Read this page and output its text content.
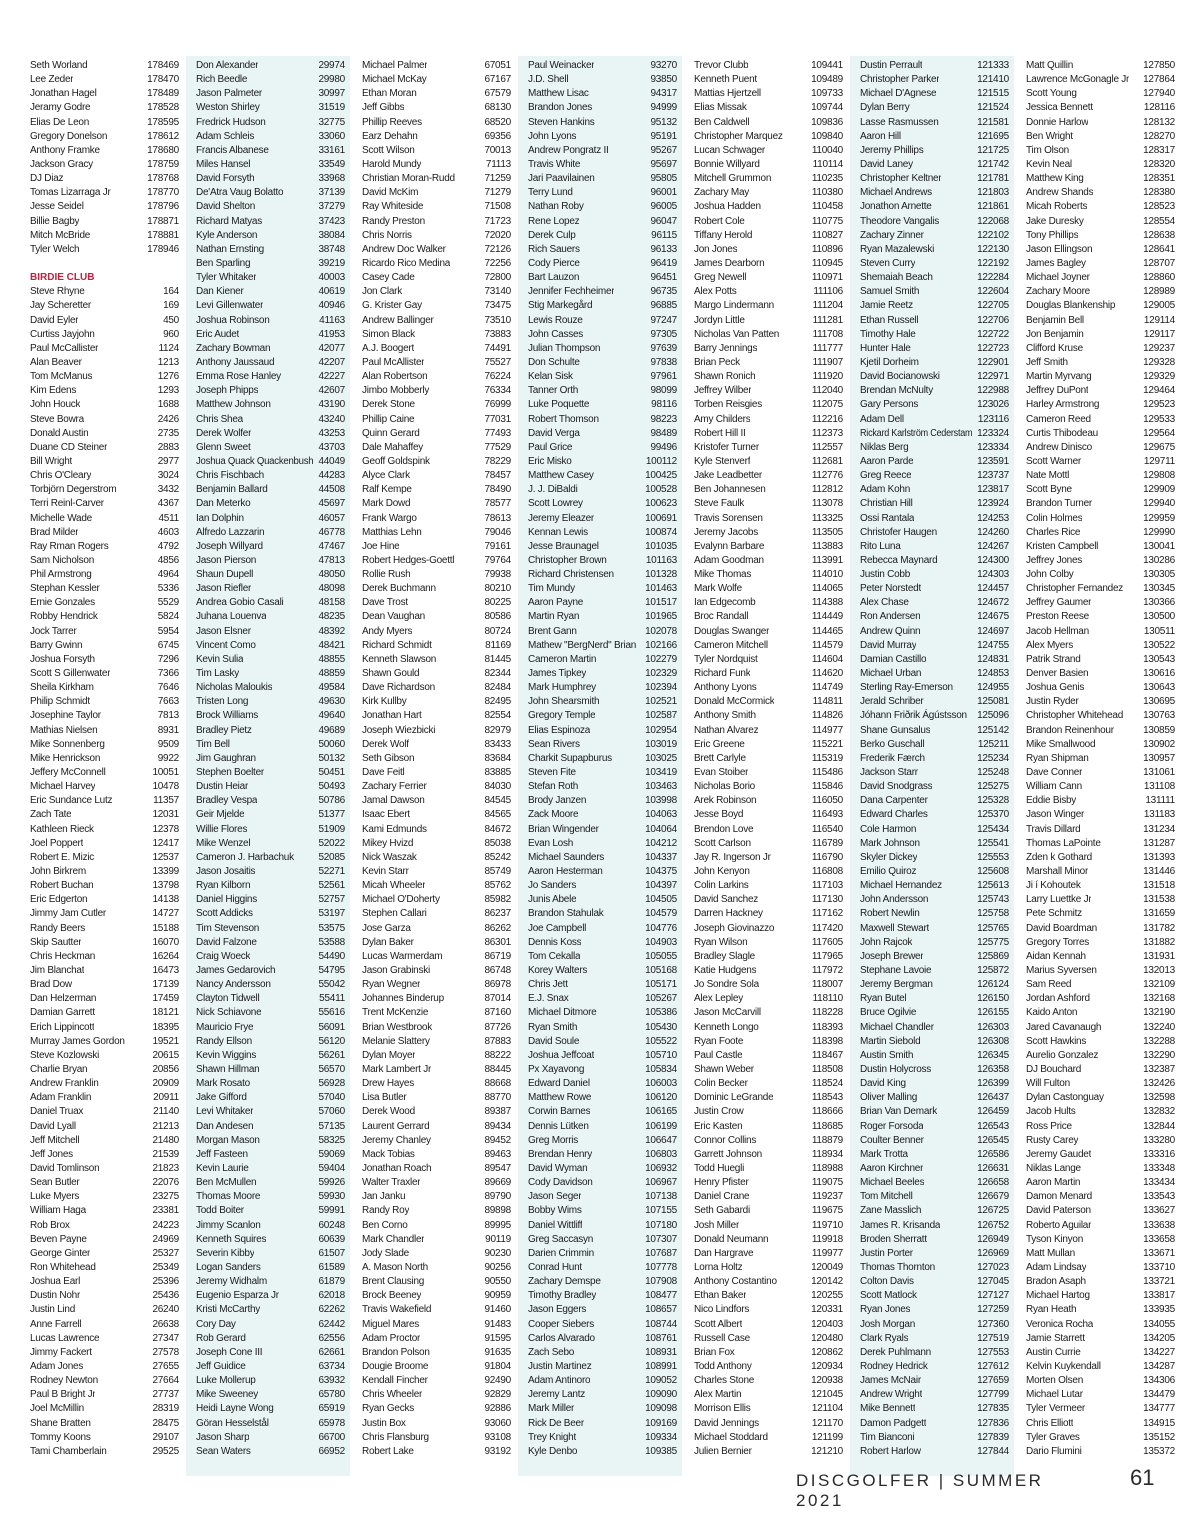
Seth Worland	178469
Lee Zeder	178470
Jonathan Hagel	178489
Jeramy Godre	178528
Elias De Leon	178595
Gregory Donelson	178612
Anthony Framke	178680
Jackson Gracy	178759
DJ Diaz	178768
Tomas Lizarraga Jr	178770
Jesse Seidel	178796
Billie Bagby	178871
Mitch McBride	178881
Tyler Welch	178946
BIRDIE CLUB
Steve Rhyne	164
Jay Scheretter	169
David Eyler	450
Curtiss Jayjohn	960
Paul McCallister	1124
Alan Beaver	1213
Tom McManus	1276
Kim Edens	1293
John Houck	1688
Steve Bowra	2426
Donald Austin	2735
Duane CD Steiner	2883
Bill Wright	2977
Chris O'Cleary	3024
Torbjörn Degerstrom	3432
Terri Reinl-Carver	4367
Michelle Wade	4511
Brad Milder	4603
Ray Rman Rogers	4792
Sam Nicholson	4856
Phil Armstrong	4964
Stephan Kessler	5336
Ernie Gonzales	5529
Robby Hendrick	5824
Jock Tarrer	5954
Barry Gwinn	6745
Joshua Forsyth	7296
Scott S Gillenwater	7366
Sheila Kirkham	7646
Philip Schmidt	7663
Josephine Taylor	7813
Mathias Nielsen	8931
Mike Sonnenberg	9509
Mike Henrickson	9922
Jeffery McConnell	10051
Michael Harvey	10478
Eric Sundance Lutz	11357
Zach Tate	12031
Kathleen Rieck	12378
Joel Poppert	12417
Robert E. Mizic	12537
John Birkrem	13399
Robert Buchan	13798
Eric Edgerton	14138
Jimmy Jam Cutler	14727
Randy Beers	15188
Skip Sautter	16070
Chris Heckman	16264
Jim Blanchat	16473
Brad Dow	17139
Dan Helzerman	17459
Damian Garrett	18121
Erich Lippincott	18395
Murray James Gordon	19521
Steve Kozlowski	20615
Charlie Bryan	20856
Andrew Franklin	20909
Adam Franklin	20911
Daniel Truax	21140
David Lyall	21213
Jeff Mitchell	21480
Jeff Jones	21539
David Tomlinson	21823
Sean Butler	22076
Luke Myers	23275
William Haga	23381
Rob Brox	24223
Beven Payne	24969
George Ginter	25327
Ron Whitehead	25349
Joshua Earl	25396
Dustin Nohr	25436
Justin Lind	26240
Anne Farrell	26638
Lucas Lawrence	27347
Jimmy Fackert	27578
Adam Jones	27655
Rodney Newton	27664
Paul B Bright Jr	27737
Joel McMillin	28319
Shane Bratten	28475
Tommy Koons	29107
Tami Chamberlain	29525
Don Alexander	29974
Rich Beedle	29980
Jason Palmeter	30997
Weston Shirley	31519
Fredrick Hudson	32775
Adam Schleis	33060
Francis Albanese	33161
Miles Hansel	33549
David Forsyth	33968
De'Atra Vaug Bolatto	37139
David Shelton	37279
Richard Matyas	37423
Kyle Anderson	38084
Nathan Ernsting	38748
Ben Sparling	39219
Tyler Whitaker	40003
Dan Kiener	40619
Levi Gillenwater	40946
Joshua Robinson	41163
Eric Audet	41953
Zachary Bowman	42077
Anthony Jaussaud	42207
Emma Rose Hanley	42227
Joseph Phipps	42607
Matthew Johnson	43190
Chris Shea	43240
Derek Wolfer	43253
Glenn Sweet	43703
Joshua Quack Quackenbush 44049
Chris Fischbach	44283
Benjamin Ballard	44508
Dan Meterko	45697
Ian Dolphin	46057
Alfredo Lazzarin	46778
Joseph Willyard	47467
Jason Pierson	47813
Shaun Dupell	48050
Jason Riefler	48098
Andrea Gobio Casali	48158
Juhana Louenva	48235
Jason Elsner	48392
Vincent Como	48421
Kevin Sulia	48855
Tim Lasky	48859
Nicholas Maloukis	49584
Tristen Long	49630
Brock Williams	49640
Bradley Pietz	49689
Tim Bell	50060
Jim Gaughran	50132
Stephen Boelter	50451
Dustin Heiar	50493
Bradley Vespa	50786
Geir Mjelde	51377
Willie Flores	51909
Mike Wenzel	52022
Cameron J. Harbachuk 52085
Jason Josaitis	52271
Ryan Kilborn	52561
Daniel Higgins	52757
Scott Addicks	53197
Tim Stevenson	53575
David Falzone	53588
Craig Woeck	54490
James Gedarovich	54795
Nancy Andersson	55042
Clayton Tidwell	55411
Nick Schiavone	55616
Mauricio Frye	56091
Randy Ellson	56120
Kevin Wiggins	56261
Shawn Hillman	56570
Mark Rosato	56928
Jake Gifford	57040
Levi Whitaker	57060
Dan Andesen	57135
Morgan Mason	58325
Jeff Fasteen	59069
Kevin Laurie	59404
Ben McMullen	59926
Thomas Moore	59930
Todd Boiter	59991
Jimmy Scanlon	60248
Kenneth Squires	60639
Severin Kibby	61507
Logan Sanders	61589
Jeremy Widhalm	61879
Eugenio Esparza Jr	62018
Kristi McCarthy	62262
Cory Day	62442
Rob Gerard	62556
Joseph Cone III	62661
Jeff Guidice	63734
Luke Mollerup	63932
Mike Sweeney	65780
Heidi Layne Wong	65919
Göran Hesselstål	65978
Jason Sharp	66700
Sean Waters	66952
Michael Palmer	67051
Michael McKay	67167
Ethan Moran	67579
Jeff Gibbs	68130
Phillip Reeves	68520
Earz Dehahn	69356
Scott Wilson	70013
Harold Mundy	71113
Christian Moran-Rudd	71259
David McKim	71279
Ray Whiteside	71508
Randy Preston	71723
Chris Norris	72020
Andrew Doc Walker	72126
Ricardo Rico Medina	72256
Casey Cade	72800
Jon Clark	73140
G. Krister Gay	73475
Andrew Ballinger	73510
Simon Black	73883
A.J. Boogert	74491
Paul McAllister	75527
Alan Robertson	76224
Jimbo Mobberly	76334
Derek Stone	76999
Phillip Caine	77031
Quinn Gerard	77493
Dale Mahaffey	77529
Geoff Goldspink	78229
Alyce Clark	78457
Ralf Kempe	78490
Mark Dowd	78577
Frank Wargo	78613
Matthias Lehn	79046
Joe Hine	79161
Robert Hedges-Goettl	79764
Rollie Rush	79938
Derek Buchmann	80210
Dave Trost	80225
Dean Vaughan	80586
Andy Myers	80724
Richard Schmidt	81169
Kenneth Slawson	81445
Shawn Gould	82344
Dave Richardson	82484
Kirk Kullby	82495
Jonathan Hart	82554
Joseph Wiezbicki	82979
Derek Wolf	83433
Seth Gibson	83684
Dave Feitl	83885
Zachary Ferrier	84030
Jamal Dawson	84545
Isaac Ebert	84565
Kami Edmunds	84672
Mikey Hvizd	85038
Nick Waszak	85242
Kevin Starr	85749
Micah Wheeler	85762
Michael O'Doherty	85982
Stephen Callari	86237
Jose Garza	86262
Dylan Baker	86301
Lucas Warmerdam	86719
Jason Grabinski	86748
Ryan Wegner	86978
Johannes Binderup	87014
Trent McKenzie	87160
Brian Westbrook	87726
Melanie Slattery	87883
Dylan Moyer	88222
Mark Lambert Jr	88445
Drew Hayes	88668
Lisa Butler	88770
Derek Wood	89387
Laurent Gerrard	89434
Jeremy Chanley	89452
Mack Tobias	89463
Jonathan Roach	89547
Walter Traxler	89669
Jan Janku	89790
Randy Roy	89898
Ben Corno	89995
Mark Chandler	90119
Jody Slade	90230
A. Mason North	90256
Brent Clausing	90550
Brock Beeney	90959
Travis Wakefield	91460
Miguel Mares	91483
Adam Proctor	91595
Brandon Polson	91635
Dougie Broome	91804
Kendall Fincher	92490
Chris Wheeler	92829
Ryan Gecks	92886
Justin Box	93060
Chris Flansburg	93108
Robert Lake	93192
Paul Weinacker	93270
J.D. Shell	93850
Matthew Lisac	94317
Brandon Jones	94999
Steven Hankins	95132
John Lyons	95191
Andrew Pongratz II	95267
Travis White	95697
Jari Paavilainen	95805
Terry Lund	96001
Nathan Roby	96005
Rene Lopez	96047
Derek Culp	96115
Rich Sauers	96133
Cody Pierce	96419
Bart Lauzon	96451
Jennifer Fechheimer	96735
Stig Markegård	96885
Lewis Rouze	97247
John Casses	97305
Julian Thompson	97639
Don Schulte	97838
Kelan Sisk	97961
Tanner Orth	98099
Luke Poquette	98116
Robert Thomson	98223
David Verga	98489
Paul Grice	99496
Eric Misko	100112
Matthew Casey	100425
J. J. DiBaldi	100528
Scott Lowrey	100623
Jeremy Eleazer	100691
Kennan Lewis	100874
Jesse Braunagel	101035
Christopher Brown	101163
Richard Christensen	101328
Tim Mundy	101463
Aaron Payne	101517
Martin Ryan	101965
Brent Gann	102078
Mathew "BergNerd" Brian 102166
Cameron Martin	102279
James Tipkey	102329
Mark Humphrey	102394
John Shearsmith	102521
Gregory Temple	102587
Elias Espinoza	102954
Sean Rivers	103019
Charkit Supapburus	103025
Steven Fite	103419
Stefan Roth	103463
Brody Janzen	103998
Zack Moore	104063
Brian Wingender	104064
Evan Losh	104212
Michael Saunders	104337
Aaron Hesterman	104375
Jo Sanders	104397
Junis Abele	104505
Brandon Stahulak	104579
Joe Campbell	104776
Dennis Koss	104903
Tom Cekalla	105055
Korey Walters	105168
Chris Jett	105171
E.J. Snax	105267
Michael Ditmore	105386
Ryan Smith	105430
David Soule	105522
Joshua Jeffcoat	105710
Px Xayavong	105834
Edward Daniel	106003
Matthew Rowe	106120
Corwin Barnes	106165
Dennis Lütken	106199
Greg Morris	106647
Brendan Henry	106803
David Wyman	106932
Cody Davidson	106967
Jason Seger	107138
Bobby Wims	107155
Daniel Wittliff	107180
Greg Saccasyn	107307
Darien Crimmin	107687
Conrad Hunt	107778
Zachary Demspe	107908
Timothy Bradley	108477
Jason Eggers	108657
Cooper Siebers	108744
Carlos Alvarado	108761
Zach Sebo	108931
Justin Martinez	108991
Adam Antinoro	109052
Jeremy Lantz	109090
Mark Miller	109098
Rick De Beer	109169
Trey Knight	109334
Kyle Denbo	109385
Trevor Clubb	109441
Kenneth Puent	109489
Mattias Hjertzell	109733
Elias Missak	109744
Ben Caldwell	109836
Christopher Marquez	109840
Lucan Schwager	110040
Bonnie Willyard	110114
Mitchell Grummon	110235
Zachary May	110380
Joshua Hadden	110458
Robert Cole	110775
Tiffany Herold	110827
Jon Jones	110896
James Dearborn	110945
Greg Newell	110971
Alex Potts	111106
Margo Lindermann	111204
Jordyn Little	111281
Nicholas Van Patten	111708
Barry Jennings	111777
Brian Peck	111907
Shawn Ronich	111920
Jeffrey Wilber	112040
Torben Reisgies	112075
Amy Childers	112216
Robert Hill II	112373
Kristofer Turner	112557
Kyle Stenverf	112681
Jake Leadbetter	112776
Ben Johannesen	112812
Steve Faulk	113078
Travis Sorensen	113325
Jeremy Jacobs	113505
Evalynn Barbare	113883
Adam Goodman	113991
Mike Thomas	114010
Mark Wolfe	114065
Ian Edgecomb	114388
Broc Randall	114449
Douglas Swanger	114465
Cameron Mitchell	114579
Tyler Nordquist	114604
Richard Funk	114620
Anthony Lyons	114749
Donald McCormick	114811
Anthony Smith	114826
Nathan Alvarez	114977
Eric Greene	115221
Brett Carlyle	115319
Evan Stoiber	115486
Nicholas Borio	115846
Arek Robinson	116050
Jesse Boyd	116493
Brendon Love	116540
Scott Carlson	116789
Jay R. Ingerson Jr	116790
John Kenyon	116808
Colin Larkins	117103
David Sanchez	117130
Darren Hackney	117162
Joseph Giovinazzo	117420
Ryan Wilson	117605
Bradley Slagle	117965
Katie Hudgens	117972
Jo Sondre Sola	118007
Alex Lepley	118110
Jason McCarvill	118228
Kenneth Longo	118393
Ryan Foote	118398
Paul Castle	118467
Shawn Weber	118508
Colin Becker	118524
Dominic LeGrande	118543
Justin Crow	118666
Eric Kasten	118685
Connor Collins	118879
Garrett Johnson	118934
Todd Huegli	118988
Henry Pfister	119075
Daniel Crane	119237
Seth Gabardi	119675
Josh Miller	119710
Donald Neumann	119918
Dan Hargrave	119977
Lorna Holtz	120049
Anthony Costantino	120142
Ethan Baker	120255
Nico Lindfors	120331
Scott Albert	120403
Russell Case	120480
Brian Fox	120862
Todd Anthony	120934
Charles Stone	120938
Alex Martin	121045
Morrison Ellis	121104
David Jennings	121170
Michael Stoddard	121199
Julien Bernier	121210
Dustin Perrault	121333
Christopher Parker	121410
Michael D'Agnese	121515
Dylan Berry	121524
Lasse Rasmussen	121581
Aaron Hill	121695
Jeremy Phillips	121725
David Laney	121742
Christopher Keltner	121781
Michael Andrews	121803
Jonathon Arnette	121861
Theodore Vangalis	122068
Zachary Zinner	122102
Ryan Mazalewski	122130
Steven Curry	122192
Shemaiah Beach	122284
Samuel Smith	122604
Jamie Reetz	122705
Ethan Russell	122706
Timothy Hale	122722
Hunter Hale	122723
Kjetil Dorheim	122901
David Bocianowski	122971
Brendan McNulty	122988
Gary Persons	123026
Adam Dell	123116
Rickard Karlström Cederstam 123324
Niklas Berg	123334
Aaron Parde	123591
Greg Reece	123737
Adam Kohn	123817
Christian Hill	123924
Ossi Rantala	124253
Christofer Haugen	124260
Rito Luna	124267
Rebecca Maynard	124300
Justin Cobb	124303
Peter Norstedt	124457
Alex Chase	124672
Ron Andersen	124675
Andrew Quinn	124697
David Murray	124755
Damian Castillo	124831
Michael Urban	124853
Sterling Ray-Emerson 124955
Jerald Schriber	125081
Jóhann Friðrik Ágústsson 125096
Shane Gunsalus	125142
Berko Guschall	125211
Frederik Færch	125234
Jackson Starr	125248
David Snodgrass	125275
Dana Carpenter	125328
Edward Charles	125370
Cole Harmon	125434
Mark Johnson	125541
Skyler Dickey	125553
Emilio Quiroz	125608
Michael Hernandez	125613
John Andersson	125743
Robert Newlin	125758
Maxwell Stewart	125765
John Rajcok	125775
Joseph Brewer	125869
Stephane Lavoie	125872
Jeremy Bergman	126124
Ryan Butel	126150
Bruce Ogilvie	126155
Michael Chandler	126303
Martin Siebold	126308
Austin Smith	126345
Dustin Holycross	126358
David King	126399
Oliver Malling	126437
Brian Van Demark	126459
Roger Forsoda	126543
Coulter Benner	126545
Mark Trotta	126586
Aaron Kirchner	126631
Michael Beeles	126658
Tom Mitchell	126679
Zane Masslich	126725
James R. Krisanda	126752
Broden Sherratt	126949
Justin Porter	126969
Thomas Thornton	127023
Colton Davis	127045
Scott Matlock	127127
Ryan Jones	127259
Josh Morgan	127360
Clark Ryals	127519
Derek Puhlmann	127553
Rodney Hedrick	127612
James McNair	127659
Andrew Wright	127799
Mike Bennett	127835
Damon Padgett	127836
Tim Bianconi	127839
Robert Harlow	127844
Matt Quillin	127850
Lawrence McGonagle Jr 127864
Scott Young	127940
Jessica Bennett	128116
Donnie Harlow	128132
Ben Wright	128270
Tim Olson	128317
Kevin Neal	128320
Matthew King	128351
Andrew Shands	128380
Micah Roberts	128523
Jake Duresky	128554
Tony Phillips	128638
Jason Ellingson	128641
James Bagley	128707
Michael Joyner	128860
Zachary Moore	128989
Douglas Blankenship	129005
Benjamin Bell	129114
Jon Benjamin	129117
Clifford Kruse	129237
Jeff Smith	129328
Martin Myrvang	129329
Jeffrey DuPont	129464
Harley Armstrong	129523
Cameron Reed	129533
Curtis Thibodeau	129564
Andrew Dinisco	129675
Scott Warner	129711
Nate Mottl	129808
Scott Byne	129909
Brandon Turner	129940
Colin Holmes	129959
Charles Rice	129990
Kristen Campbell	130041
Jeffrey Jones	130286
John Colby	130305
Christopher Fernandez 130345
Jeffrey Gaumer	130366
Preston Reese	130500
Jacob Hellman	130511
Alex Myers	130522
Patrik Strand	130543
Denver Basien	130616
Joshua Genis	130643
Justin Ryder	130695
Christopher Whitehead 130763
Brandon Reinenhour	130859
Mike Smallwood	130902
Ryan Shipman	130957
Dave Conner	131061
William Cann	131108
Eddie Bisby	131111
Jason Winger	131183
Travis Dillard	131234
Thomas LaPointe	131287
Zden k Gothard	131393
Marshall Minor	131446
Ji í Kohoutek	131518
Larry Luettke Jr	131538
Pete Schmitz	131659
David Boardman	131782
Gregory Torres	131882
Aidan Kennah	131931
Marius Syversen	132013
Sam Reed	132109
Jordan Ashford	132168
Kaido Anton	132190
Jared Cavanaugh	132240
Scott Hawkins	132288
Aurelio Gonzalez	132290
DJ Bouchard	132387
Will Fulton	132426
Dylan Castonguay	132598
Jacob Hults	132832
Ross Price	132844
Rusty Carey	133280
Jeremy Gaudet	133316
Niklas Lange	133348
Aaron Martin	133434
Damon Menard	133543
David Paterson	133627
Roberto Aguilar	133638
Tyson Kinyon	133658
Matt Mullan	133671
Adam Lindsay	133710
Bradon Asaph	133721
Michael Hartog	133817
Ryan Heath	133935
Veronica Rocha	134055
Jamie Starrett	134205
Austin Currie	134227
Kelvin Kuykendall	134287
Morten Olsen	134306
Michael Lutar	134479
Tyler Vermeer	134777
Chris Elliott	134915
Tyler Graves	135152
Dario Flumini	135372
DISCGOLFER | SUMMER 2021
61
